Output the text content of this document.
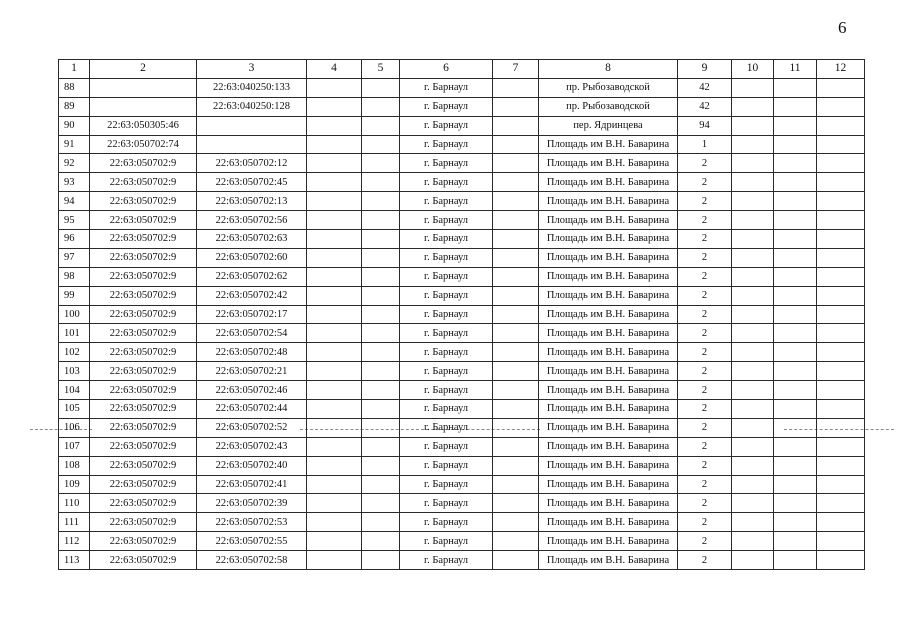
6
1	2	3	4	5	6	7	8	9	10	11	12
88		22:63:040250:133			г. Барнаул		пр. Рыбозаводской	42			
89		22:63:040250:128			г. Барнаул		пр. Рыбозаводской	42			
90	22:63:050305:46				г. Барнаул		пер. Ядринцева	94			
91	22:63:050702:74				г. Барнаул		Площадь им В.Н. Баварина	1			
92	22:63:050702:9	22:63:050702:12			г. Барнаул		Площадь им В.Н. Баварина	2			
93	22:63:050702:9	22:63:050702:45			г. Барнаул		Площадь им В.Н. Баварина	2			
94	22:63:050702:9	22:63:050702:13			г. Барнаул		Площадь им В.Н. Баварина	2			
95	22:63:050702:9	22:63:050702:56			г. Барнаул		Площадь им В.Н. Баварина	2			
96	22:63:050702:9	22:63:050702:63			г. Барнаул		Площадь им В.Н. Баварина	2			
97	22:63:050702:9	22:63:050702:60			г. Барнаул		Площадь им В.Н. Баварина	2			
98	22:63:050702:9	22:63:050702:62			г. Барнаул		Площадь им В.Н. Баварина	2			
99	22:63:050702:9	22:63:050702:42			г. Барнаул		Площадь им В.Н. Баварина	2			
100	22:63:050702:9	22:63:050702:17			г. Барнаул		Площадь им В.Н. Баварина	2			
101	22:63:050702:9	22:63:050702:54			г. Барнаул		Площадь им В.Н. Баварина	2			
102	22:63:050702:9	22:63:050702:48			г. Барнаул		Площадь им В.Н. Баварина	2			
103	22:63:050702:9	22:63:050702:21			г. Барнаул		Площадь им В.Н. Баварина	2			
104	22:63:050702:9	22:63:050702:46			г. Барнаул		Площадь им В.Н. Баварина	2			
105	22:63:050702:9	22:63:050702:44			г. Барнаул		Площадь им В.Н. Баварина	2			
106	22:63:050702:9	22:63:050702:52			г. Барнаул		Площадь им В.Н. Баварина	2			
107	22:63:050702:9	22:63:050702:43			г. Барнаул		Площадь им В.Н. Баварина	2			
108	22:63:050702:9	22:63:050702:40			г. Барнаул		Площадь им В.Н. Баварина	2			
109	22:63:050702:9	22:63:050702:41			г. Барнаул		Площадь им В.Н. Баварина	2			
110	22:63:050702:9	22:63:050702:39			г. Барнаул		Площадь им В.Н. Баварина	2			
111	22:63:050702:9	22:63:050702:53			г. Барнаул		Площадь им В.Н. Баварина	2			
112	22:63:050702:9	22:63:050702:55			г. Барнаул		Площадь им В.Н. Баварина	2			
113	22:63:050702:9	22:63:050702:58			г. Барнаул		Площадь им В.Н. Баварина	2			
